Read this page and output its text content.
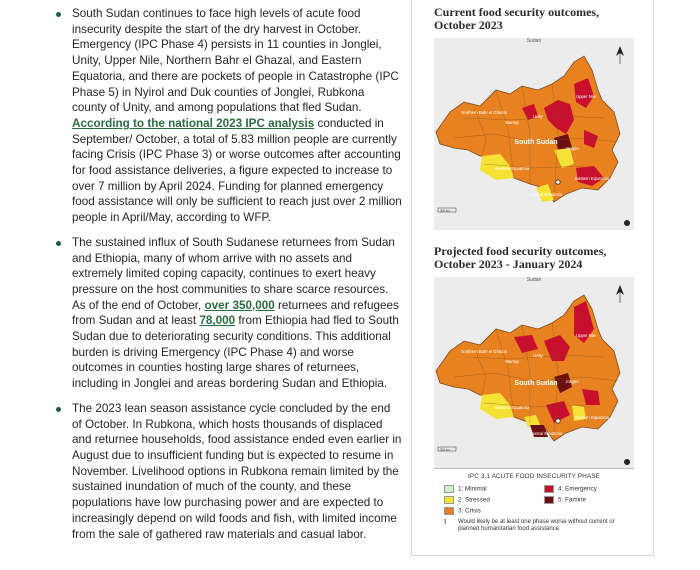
South Sudan continues to face high levels of acute food insecurity despite the start of the dry harvest in October. Emergency (IPC Phase 4) persists in 11 counties in Jonglei, Unity, Upper Nile, Northern Bahr el Ghazal, and Eastern Equatoria, and there are pockets of people in Catastrophe (IPC Phase 5) in Nyirol and Duk counties of Jonglei, Rubkona county of Unity, and among populations that fled Sudan. According to the national 2023 IPC analysis conducted in September/ October, a total of 5.83 million people are currently facing Crisis (IPC Phase 3) or worse outcomes after accounting for food assistance deliveries, a figure expected to increase to over 7 million by April 2024. Funding for planned emergency food assistance will only be sufficient to reach just over 2 million people in April/May, according to WFP.
The sustained influx of South Sudanese returnees from Sudan and Ethiopia, many of whom arrive with no assets and extremely limited coping capacity, continues to exert heavy pressure on the host communities to share scarce resources. As of the end of October, over 350,000 returnees and refugees from Sudan and at least 78,000 from Ethiopia had fled to South Sudan due to deteriorating security conditions. This additional burden is driving Emergency (IPC Phase 4) and worse outcomes in counties hosting large shares of returnees, including in Jonglei and areas bordering Sudan and Ethiopia.
The 2023 lean season assistance cycle concluded by the end of October. In Rubkona, which hosts thousands of displaced and returnee households, food assistance ended even earlier in August due to insufficient funding but is expected to resume in November. Livelihood options in Rubkona remain limited by the sustained inundation of much of the county, and these populations have low purchasing power and are expected to increasingly depend on wild foods and fish, with limited income from the sale of gathered raw materials and casual labor.
Current food security outcomes,
October 2023
Sudan
Northern Bahr el Ghazal
Warrap
Unity
Upper Nile
Jonglei
Western Equatoria
Central Equatoria
Eastern Equatoria
South Sudan
300 km
Projected food security outcomes,
October 2023 - January 2024
Sudan
Northern Bahr el Ghazal
Warrap
Unity
Upper Nile
Jonglei
Western Equatoria
Central Equatoria
Eastern Equatoria
South Sudan
300 km
IPC 3.1 ACUTE FOOD INSECURITY PHASE
1: Minimal
2: Stressed
3: Crisis
4: Emergency
5: Famine
!	Would likely be at least one phase worse without current or planned humanitarian food assistance
